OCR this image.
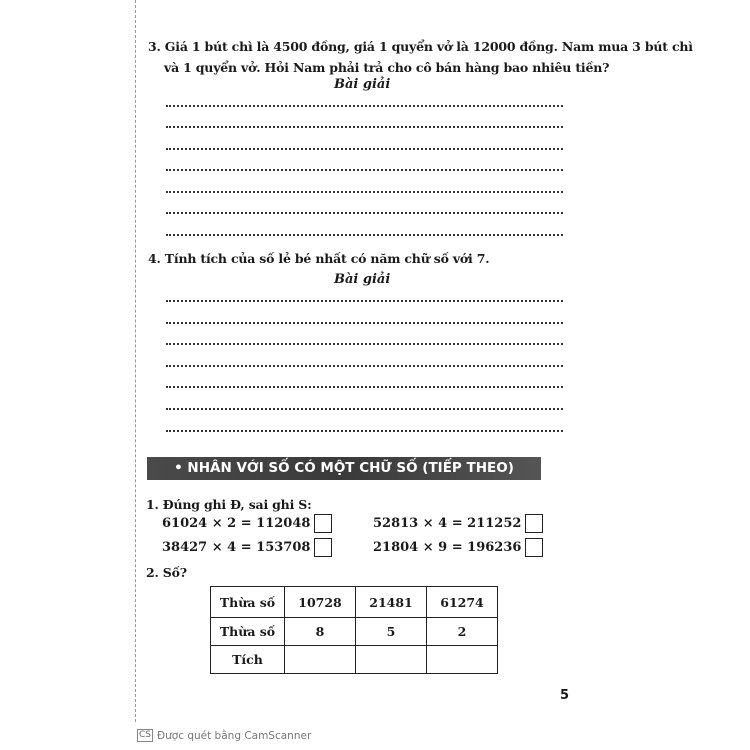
3. Giá 1 bút chì là 4500 đồng, giá 1 quyển vở là 12000 đồng. Nam mua 3 bút chì
và 1 quyển vở. Hỏi Nam phải trả cho cô bán hàng bao nhiêu tiền?
Bài giải
4. Tính tích của số lẻ bé nhất có năm chữ số với 7.
Bài giải
• NHÂN VỚI SỐ CÓ MỘT CHỮ SỐ (TIẾP THEO)
1. Đúng ghi Đ, sai ghi S:
61024 × 2 = 112048	52813 × 4 = 211252
38427 × 4 = 153708	21804 × 9 = 196236
2. Số?
Thừa số	10728	21481	61274
Thừa số	8	5	2
Tích			
5
CS Được quét bằng CamScanner
